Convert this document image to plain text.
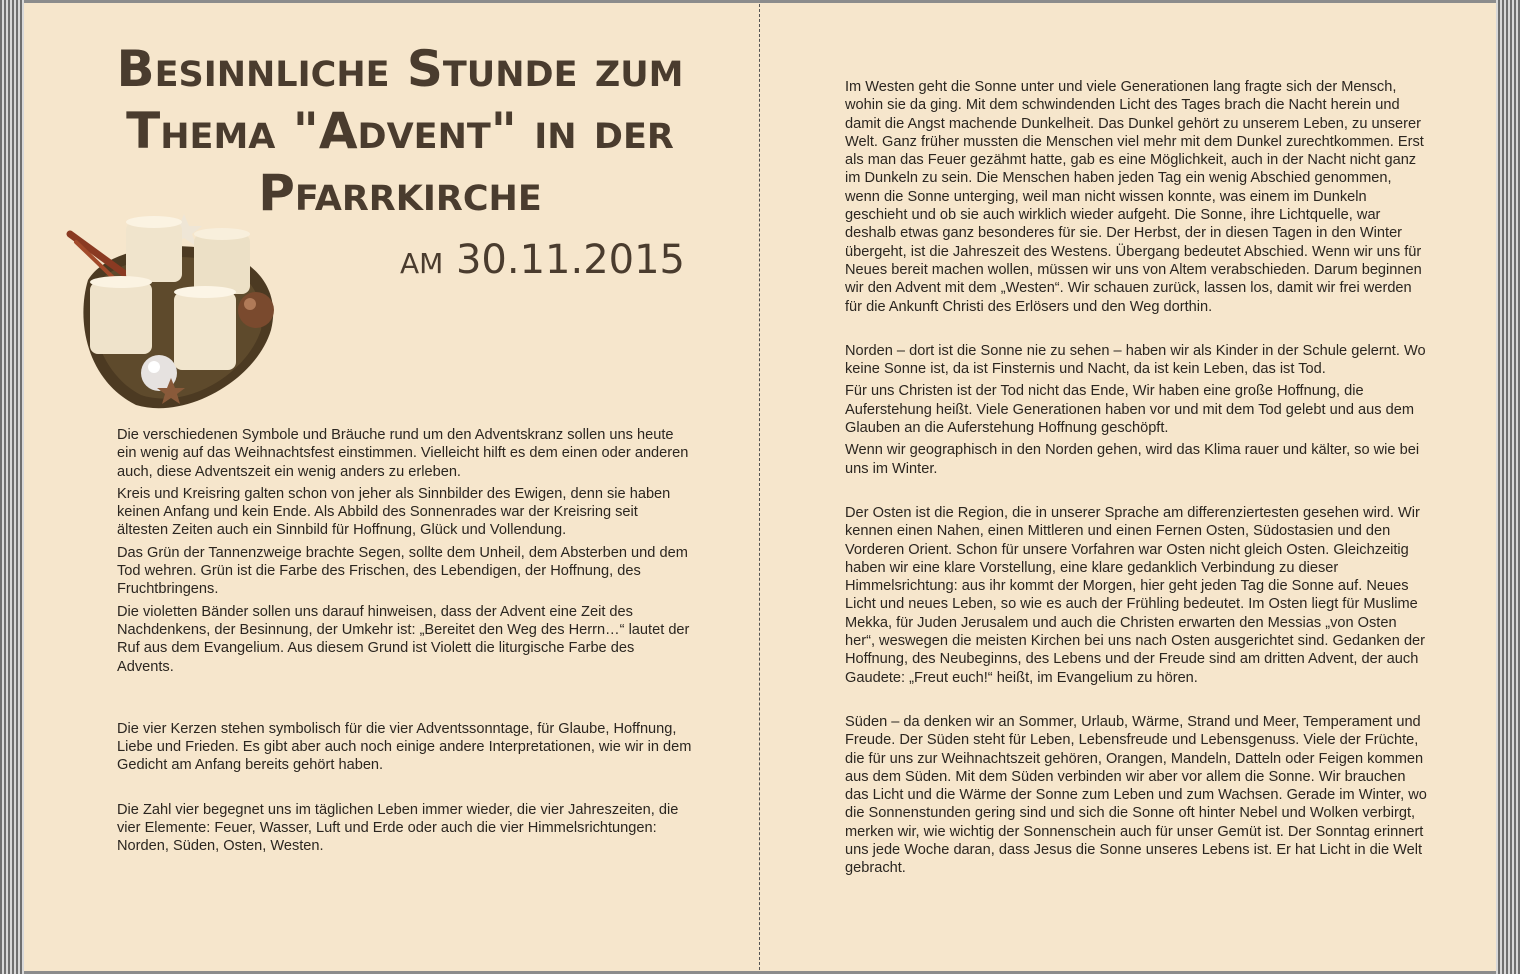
Besinnliche Stunde zum Thema "Advent" in der Pfarrkirche
am 30.11.2015

Die verschiedenen Symbole und Bräuche rund um den Adventskranz sollen uns heute ein wenig auf das Weihnachtsfest einstimmen. Vielleicht hilft es dem einen oder anderen auch, diese Adventszeit ein wenig anders zu erleben.

Kreis und Kreisring galten schon von jeher als Sinnbilder des Ewigen, denn sie haben keinen Anfang und kein Ende. Als Abbild des Sonnenrades war der Kreisring seit ältesten Zeiten auch ein Sinnbild für Hoffnung, Glück und Vollendung.

Das Grün der Tannenzweige brachte Segen, sollte dem Unheil, dem Absterben und dem Tod wehren. Grün ist die Farbe des Frischen, des Lebendigen, der Hoffnung, des Fruchtbringens.

Die violetten Bänder sollen uns darauf hinweisen, dass der Advent eine Zeit des Nachdenkens, der Besinnung, der Umkehr ist: „Bereitet den Weg des Herrn…“ lautet der Ruf aus dem Evangelium. Aus diesem Grund ist Violett die liturgische Farbe des Advents.

Die vier Kerzen stehen symbolisch für die vier Adventssonntage, für Glaube, Hoffnung, Liebe und Frieden. Es gibt aber auch noch einige andere Interpretationen, wie wir in dem Gedicht am Anfang bereits gehört haben.

Die Zahl vier begegnet uns im täglichen Leben immer wieder, die vier Jahreszeiten, die vier Elemente: Feuer, Wasser, Luft und Erde oder auch die vier Himmelsrichtungen: Norden, Süden, Osten, Westen.

Im Westen geht die Sonne unter und viele Generationen lang fragte sich der Mensch, wohin sie da ging. Mit dem schwindenden Licht des Tages brach die Nacht herein und damit die Angst machende Dunkelheit. Das Dunkel gehört zu unserem Leben, zu unserer Welt. Ganz früher mussten die Menschen viel mehr mit dem Dunkel zurechtkommen. Erst als man das Feuer gezähmt hatte, gab es eine Möglichkeit, auch in der Nacht nicht ganz im Dunkeln zu sein. Die Menschen haben jeden Tag ein wenig Abschied genommen, wenn die Sonne unterging, weil man nicht wissen konnte, was einem im Dunkeln geschieht und ob sie auch wirklich wieder aufgeht. Die Sonne, ihre Lichtquelle, war deshalb etwas ganz besonderes für sie. Der Herbst, der in diesen Tagen in den Winter übergeht, ist die Jahreszeit des Westens. Übergang bedeutet Abschied. Wenn wir uns für Neues bereit machen wollen, müssen wir uns von Altem verabschieden. Darum beginnen wir den Advent mit dem „Westen“. Wir schauen zurück, lassen los, damit wir frei werden für die Ankunft Christi des Erlösers und den Weg dorthin.

Norden – dort ist die Sonne nie zu sehen – haben wir als Kinder in der Schule gelernt. Wo keine Sonne ist, da ist Finsternis und Nacht, da ist kein Leben, das ist Tod.

Für uns Christen ist der Tod nicht das Ende, Wir haben eine große Hoffnung, die Auferstehung heißt. Viele Generationen haben vor und mit dem Tod gelebt und aus dem Glauben an die Auferstehung Hoffnung geschöpft.

Wenn wir geographisch in den Norden gehen, wird das Klima rauer und kälter, so wie bei uns im Winter.

Der Osten ist die Region, die in unserer Sprache am differenziertesten gesehen wird. Wir kennen einen Nahen, einen Mittleren und einen Fernen Osten, Südostasien und den Vorderen Orient. Schon für unsere Vorfahren war Osten nicht gleich Osten. Gleichzeitig haben wir eine klare Vorstellung, eine klare gedanklich Verbindung zu dieser Himmelsrichtung: aus ihr kommt der Morgen, hier geht jeden Tag die Sonne auf. Neues Licht und neues Leben, so wie es auch der Frühling bedeutet. Im Osten liegt für Muslime Mekka, für Juden Jerusalem und auch die Christen erwarten den Messias „von Osten her“, weswegen die meisten Kirchen bei uns nach Osten ausgerichtet sind. Gedanken der Hoffnung, des Neubeginns, des Lebens und der Freude sind am dritten Advent, der auch Gaudete: „Freut euch!“ heißt, im Evangelium zu hören.

Süden – da denken wir an Sommer, Urlaub, Wärme, Strand und Meer, Temperament und Freude. Der Süden steht für Leben, Lebensfreude und Lebensgenuss. Viele der Früchte, die für uns zur Weihnachtszeit gehören, Orangen, Mandeln, Datteln oder Feigen kommen aus dem Süden. Mit dem Süden verbinden wir aber vor allem die Sonne. Wir brauchen das Licht und die Wärme der Sonne zum Leben und zum Wachsen. Gerade im Winter, wo die Sonnenstunden gering sind und sich die Sonne oft hinter Nebel und Wolken verbirgt, merken wir, wie wichtig der Sonnenschein auch für unser Gemüt ist. Der Sonntag erinnert uns jede Woche daran, dass Jesus die Sonne unseres Lebens ist. Er hat Licht in die Welt gebracht.
